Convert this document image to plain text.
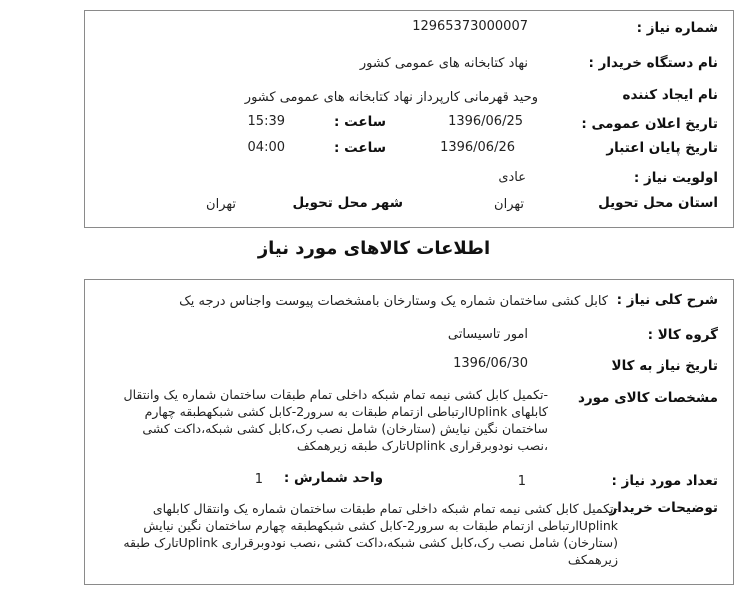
شماره نیاز :
12965373000007
نام دستگاه خریدار :
نهاد کتابخانه های عمومی کشور
نام ایجاد کننده
وحید قهرمانی کارپرداز نهاد کتابخانه های عمومی کشور
تاریخ اعلان عمومی :
1396/06/25
ساعت :
15:39
تاریخ پایان اعتبار
1396/06/26
ساعت :
04:00
اولویت نیاز :
عادی
استان محل تحویل
تهران
شهر محل تحویل
تهران
اطلاعات کالاهای مورد نیاز
شرح کلی نیاز :
کابل کشی ساختمان شماره یک وستارخان بامشخصات پیوست واجناس درجه یک
گروه کالا :
امور تاسیساتی
تاریخ نیاز به کالا
1396/06/30
مشخصات کالای مورد
-تکمیل کابل کشی نیمه تمام شبکه داخلی تمام طبقات ساختمان شماره یک وانتقال کابلهای Uplinkارتباطی ازتمام طبقات به سرور2-کابل کشی شبکهطبقه چهارم ساختمان نگین نیایش (ستارخان) شامل نصب رک،کابل کشی شبکه،داکت کشی ،نصب نودوبرقراری Uplinkتارک طبقه زیرهمکف
تعداد مورد نیاز :
1
واحد شمارش :
1
توضیحات خریدار
-تکمیل کابل کشی نیمه تمام شبکه داخلی تمام طبقات ساختمان شماره یک وانتقال کابلهای Uplinkارتباطی ازتمام طبقات به سرور2-کابل کشی شبکهطبقه چهارم ساختمان نگین نیایش (ستارخان) شامل نصب رک،کابل کشی شبکه،داکت کشی ،نصب نودوبرقراری Uplinkتارک طبقه زیرهمکف
